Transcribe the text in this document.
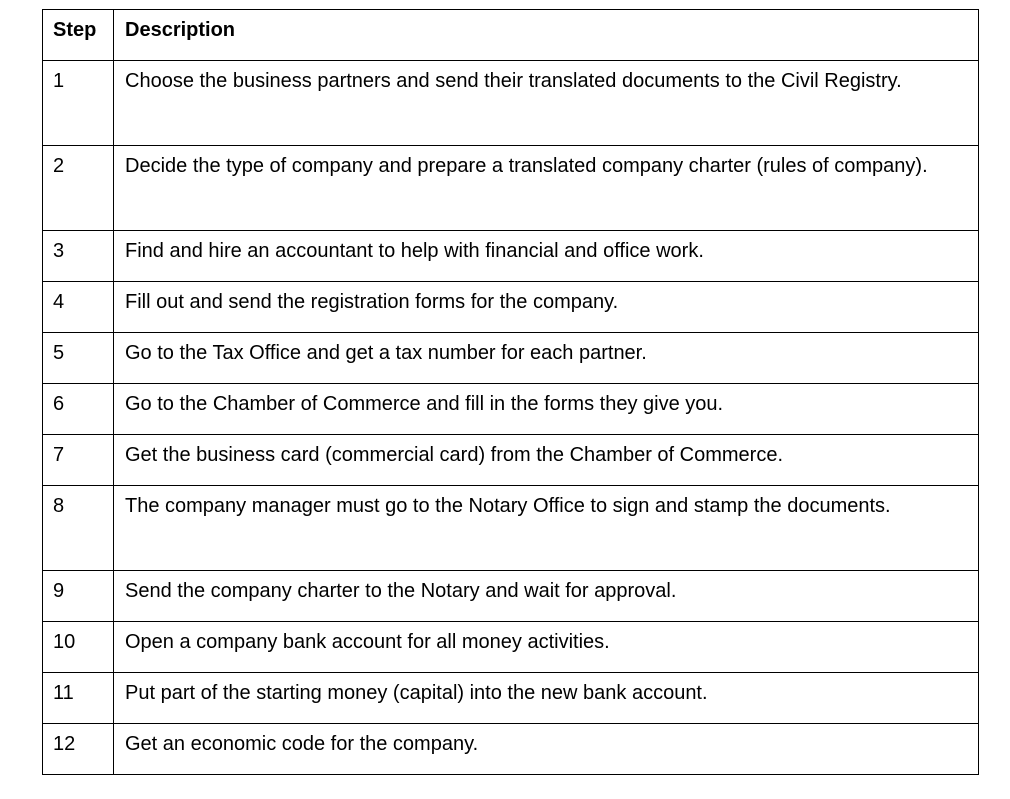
Step	Description
1	Choose the business partners and send their translated documents to the Civil Registry.
2	Decide the type of company and prepare a translated company charter (rules of company).
3	Find and hire an accountant to help with financial and office work.
4	Fill out and send the registration forms for the company.
5	Go to the Tax Office and get a tax number for each partner.
6	Go to the Chamber of Commerce and fill in the forms they give you.
7	Get the business card (commercial card) from the Chamber of Commerce.
8	The company manager must go to the Notary Office to sign and stamp the documents.
9	Send the company charter to the Notary and wait for approval.
10	Open a company bank account for all money activities.
11	Put part of the starting money (capital) into the new bank account.
12	Get an economic code for the company.
